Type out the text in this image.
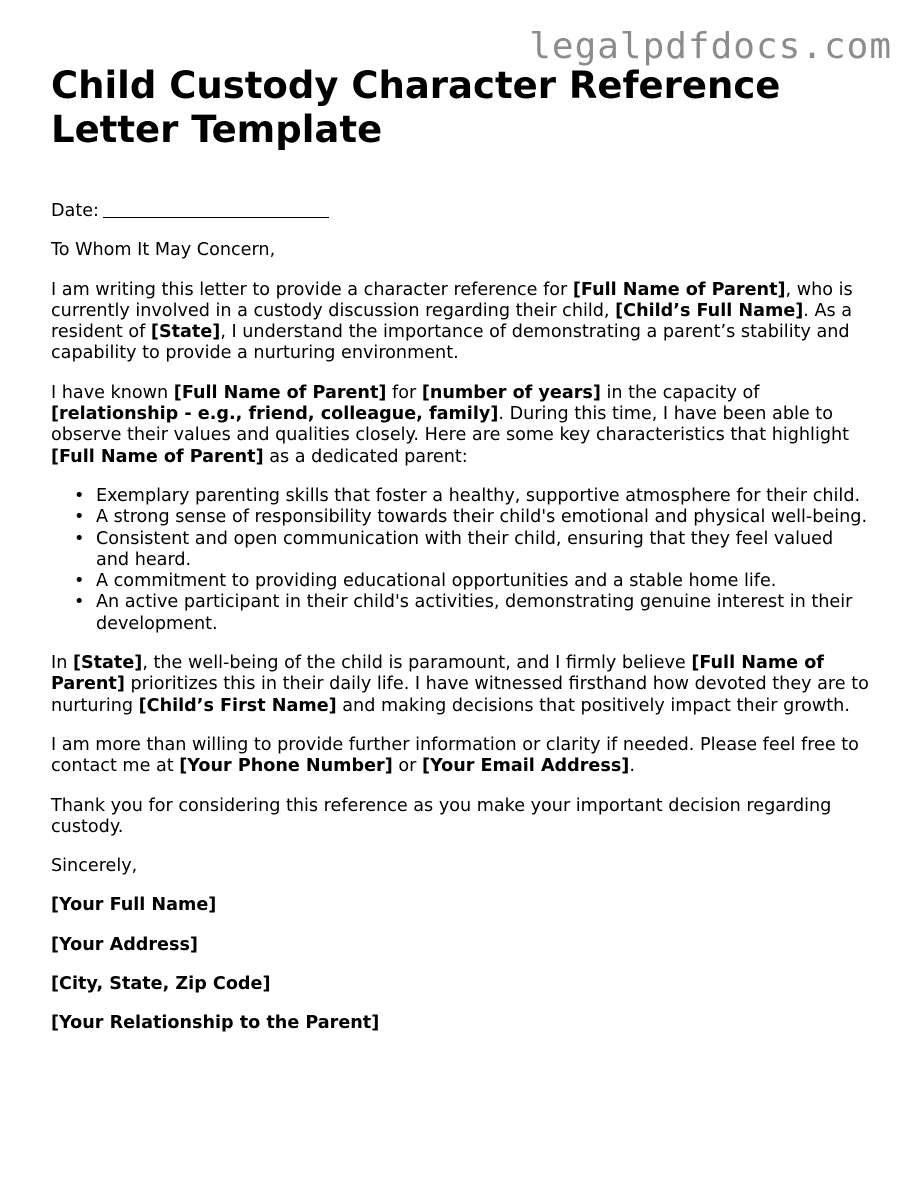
legalpdfdocs.com
Child Custody Character Reference Letter Template

Date:

To Whom It May Concern,

I am writing this letter to provide a character reference for [Full Name of Parent], who is currently involved in a custody discussion regarding their child, [Child’s Full Name]. As a resident of [State], I understand the importance of demonstrating a parent’s stability and capability to provide a nurturing environment.

I have known [Full Name of Parent] for [number of years] in the capacity of [relationship - e.g., friend, colleague, family]. During this time, I have been able to observe their values and qualities closely. Here are some key characteristics that highlight [Full Name of Parent] as a dedicated parent:

• Exemplary parenting skills that foster a healthy, supportive atmosphere for their child.
• A strong sense of responsibility towards their child's emotional and physical well-being.
• Consistent and open communication with their child, ensuring that they feel valued and heard.
• A commitment to providing educational opportunities and a stable home life.
• An active participant in their child's activities, demonstrating genuine interest in their development.

In [State], the well-being of the child is paramount, and I firmly believe [Full Name of Parent] prioritizes this in their daily life. I have witnessed firsthand how devoted they are to nurturing [Child’s First Name] and making decisions that positively impact their growth.

I am more than willing to provide further information or clarity if needed. Please feel free to contact me at [Your Phone Number] or [Your Email Address].

Thank you for considering this reference as you make your important decision regarding custody.

Sincerely,

[Your Full Name]

[Your Address]

[City, State, Zip Code]

[Your Relationship to the Parent]
